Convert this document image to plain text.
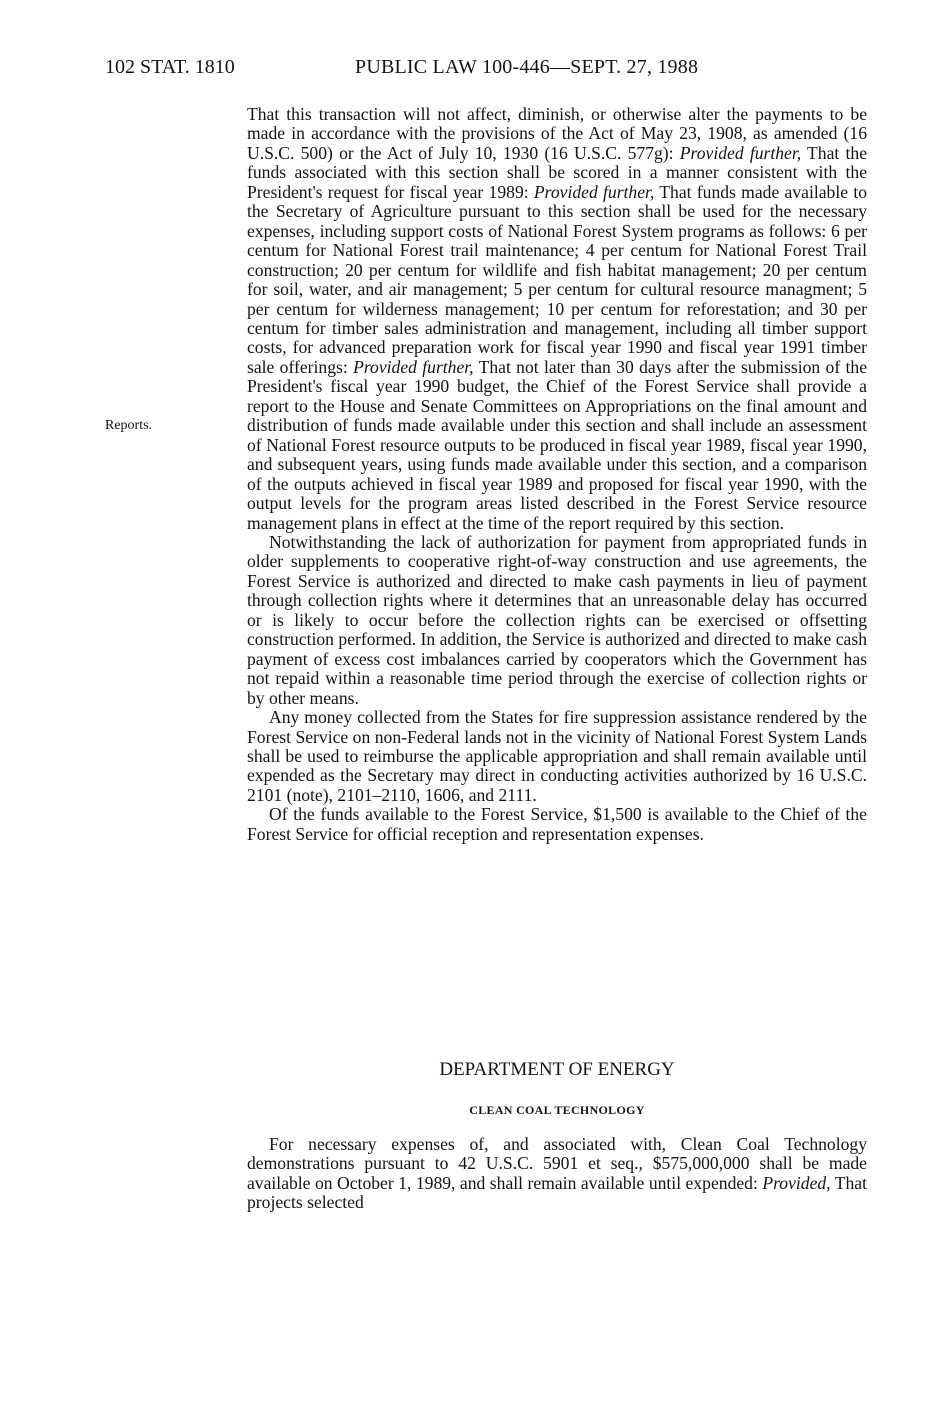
102 STAT. 1810	PUBLIC LAW 100-446—SEPT. 27, 1988
Reports.

That this transaction will not affect, diminish, or otherwise alter the payments to be made in accordance with the provisions of the Act of May 23, 1908, as amended (16 U.S.C. 500) or the Act of July 10, 1930 (16 U.S.C. 577g): Provided further, That the funds associated with this section shall be scored in a manner consistent with the President's request for fiscal year 1989: Provided further, That funds made available to the Secretary of Agriculture pursuant to this section shall be used for the necessary expenses, including support costs of National Forest System programs as follows: 6 per centum for National Forest trail maintenance; 4 per centum for National Forest Trail construction; 20 per centum for wildlife and fish habitat management; 20 per centum for soil, water, and air management; 5 per centum for cultural resource managment; 5 per centum for wilderness management; 10 per centum for reforestation; and 30 per centum for timber sales administration and management, including all timber support costs, for advanced preparation work for fiscal year 1990 and fiscal year 1991 timber sale offerings: Provided further, That not later than 30 days after the submission of the President's fiscal year 1990 budget, the Chief of the Forest Service shall provide a report to the House and Senate Committees on Appropriations on the final amount and distribution of funds made available under this section and shall include an assessment of National Forest resource outputs to be produced in fiscal year 1989, fiscal year 1990, and subsequent years, using funds made available under this section, and a comparison of the outputs achieved in fiscal year 1989 and proposed for fiscal year 1990, with the output levels for the program areas listed described in the Forest Service resource management plans in effect at the time of the report required by this section.

Notwithstanding the lack of authorization for payment from appropriated funds in older supplements to cooperative right-of-way construction and use agreements, the Forest Service is authorized and directed to make cash payments in lieu of payment through collection rights where it determines that an unreasonable delay has occurred or is likely to occur before the collection rights can be exercised or offsetting construction performed. In addition, the Service is authorized and directed to make cash payment of excess cost imbalances carried by cooperators which the Government has not repaid within a reasonable time period through the exercise of collection rights or by other means.

Any money collected from the States for fire suppression assistance rendered by the Forest Service on non-Federal lands not in the vicinity of National Forest System Lands shall be used to reimburse the applicable appropriation and shall remain available until expended as the Secretary may direct in conducting activities authorized by 16 U.S.C. 2101 (note), 2101–2110, 1606, and 2111.

Of the funds available to the Forest Service, $1,500 is available to the Chief of the Forest Service for official reception and representation expenses.

DEPARTMENT OF ENERGY
CLEAN COAL TECHNOLOGY

For necessary expenses of, and associated with, Clean Coal Technology demonstrations pursuant to 42 U.S.C. 5901 et seq., $575,000,000 shall be made available on October 1, 1989, and shall remain available until expended: Provided, That projects selected
